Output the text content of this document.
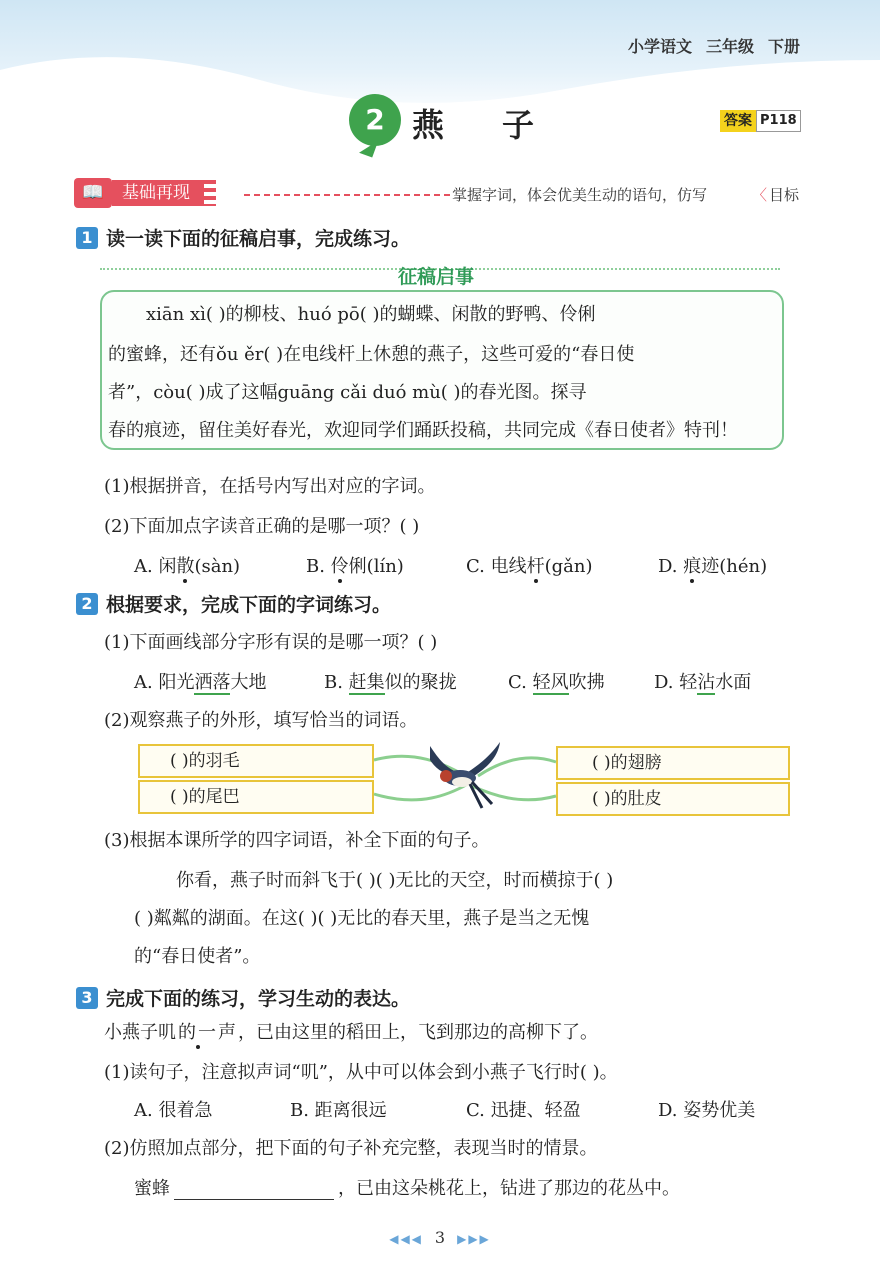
小学语文 三年级 下册
2 燕子	答案 P118
📖	基础再现	掌握字词，体会优美生动的语句，仿写
〈	目标
1 读一读下面的征稿启事，完成练习。
征稿启事
xiān xì( )的柳枝、huó pō( )的蝴蝶、闲散的野鸭、伶俐
的蜜蜂，还有ǒu ěr( )在电线杆上休憩的燕子，这些可爱的“春日使
者”，còu( )成了这幅guāng cǎi duó mù( )的春光图。探寻
春的痕迹，留住美好春光，欢迎同学们踊跃投稿，共同完成《春日使者》特刊！
(1)根据拼音，在括号内写出对应的字词。
(2)下面加点字读音正确的是哪一项？( )
A. 闲散(sàn)	B. 伶俐(lín)	C. 电线杆(gǎn)	D. 痕迹(hén)
2 根据要求，完成下面的字词练习。
(1)下面画线部分字形有误的是哪一项？( )
A. 阳光洒落大地	B. 赶集似的聚拢	C. 轻风吹拂	D. 轻沾水面
(2)观察燕子的外形，填写恰当的词语。
( )的羽毛
( )的尾巴
( )的翅膀
( )的肚皮
(3)根据本课所学的四字词语，补全下面的句子。
你看，燕子时而斜飞于( )( )无比的天空，时而横掠于( )
( )粼粼的湖面。在这( )( )无比的春天里，燕子是当之无愧
的“春日使者”。
3 完成下面的练习，学习生动的表达。
小燕子叽的一声，已由这里的稻田上，飞到那边的高柳下了。
(1)读句子，注意拟声词“叽”，从中可以体会到小燕子飞行时( )。
A. 很着急	B. 距离很远	C. 迅捷、轻盈	D. 姿势优美
(2)仿照加点部分，把下面的句子补充完整，表现当时的情景。
蜜蜂	，已由这朵桃花上，钻进了那边的花丛中。
◀◀◀ 3 ▶▶▶
